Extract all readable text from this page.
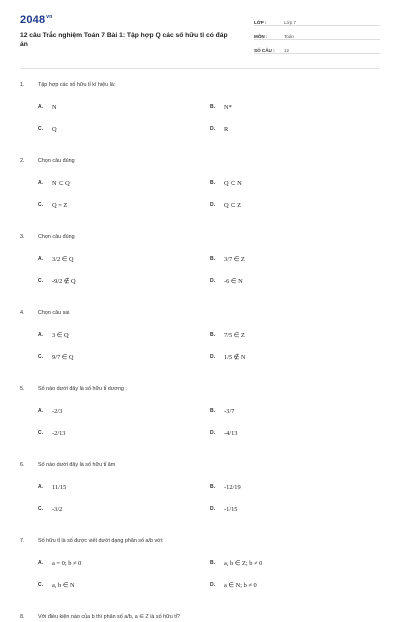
$2048^{vn}$
12 câu Trắc nghiệm Toán 7 Bài 1: Tập hợp Q các số hữu tỉ có đáp án
LỚP :	Lớp 7
MÔN :	Toán
SỐ CÂU :	12
1.	Tập hợp các số hữu tỉ kí hiệu là:
A.	N	B.	N*
C.	Q	D.	R
2.	Chọn câu đúng
A.	N ⊂ Q	B.	Q ⊂ N
C.	Q = Z	D.	Q ⊂ Z
3.	Chọn câu đúng
A.	3/2 ∈ Q	B.	3/7 ∈ Z
C.	-9/2 ∉ Q	D.	-6 ∈ N
4.	Chọn câu sai
A.	3 ∈ Q	B.	7/5 ∈ Z
C.	9/7 ∈ Q	D.	1/5 ∉ N
5.	Số nào dưới đây là số hữu tỉ dương :
A.	-2/3	B.	-3/7
C.	-2/13	D.	-4/13
6.	Số nào dưới đây là số hữu tỉ âm
A.	11/15	B.	-12/19
C.	-3/2	D.	-1/15
7.	Số hữu tỉ là số được viết dưới dạng phân số a/b với:
A.	a = 0; b ≠ 0	B.	a, b ∈ Z; b ≠ 0
C.	a, b ∈ N	D.	a ∈ N; b ≠ 0
8.	Với điều kiện nào của b thì phân số a/b, a ∈ Z là số hữu tỉ?
